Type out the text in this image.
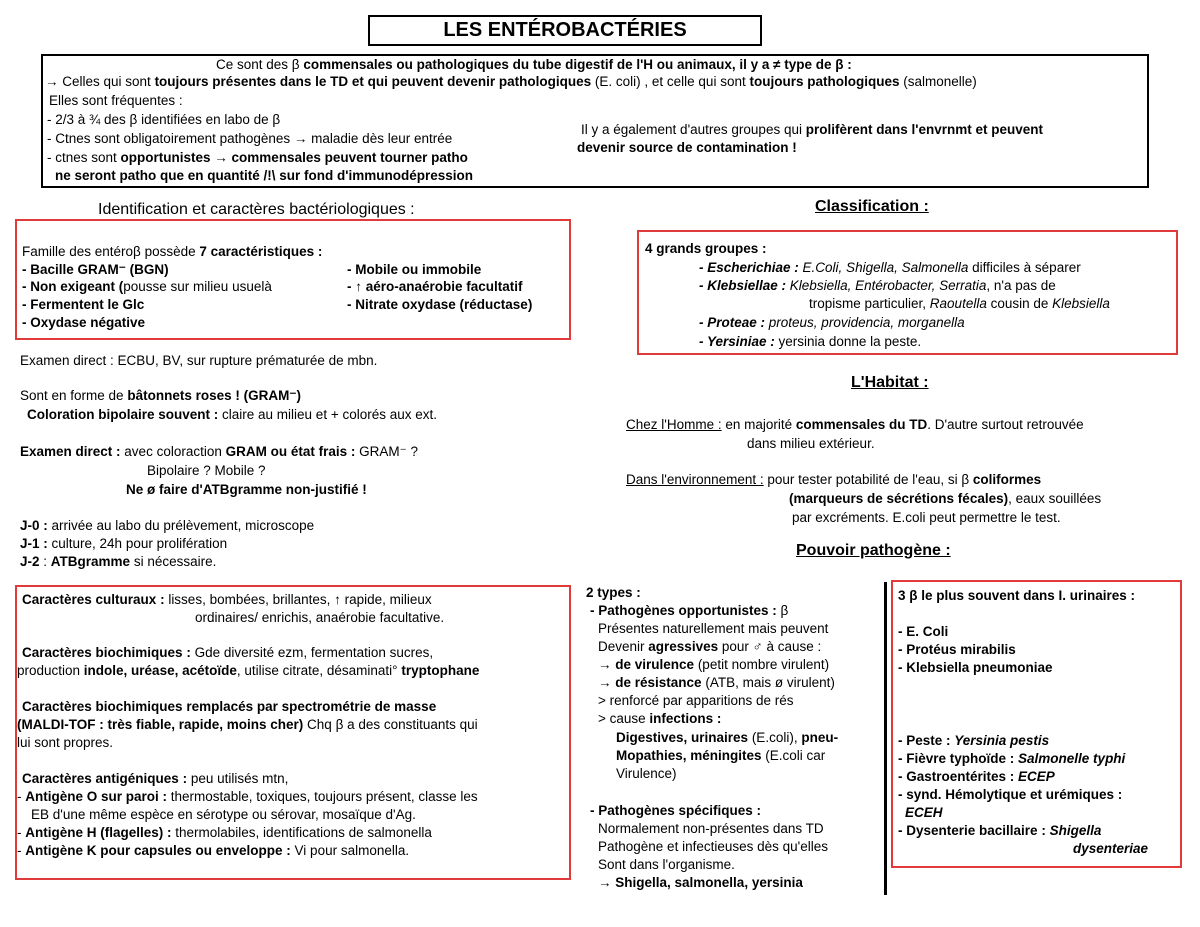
LES ENTÉROBACTÉRIES
Ce sont des β commensales ou pathologiques du tube digestif de l'H ou animaux, il y a ≠ type de β :
→ Celles qui sont toujours présentes dans le TD et qui peuvent devenir pathologiques (E. coli) , et celle qui sont toujours pathologiques (salmonelle)
Elles sont fréquentes :
- 2/3 à ¾ des β identifiées en labo de β
- Ctnes sont obligatoirement pathogènes → maladie dès leur entrée
- ctnes sont opportunistes → commensales peuvent tourner patho
ne seront patho que en quantité /!\ sur fond d'immunodépression
Il y a également d'autres groupes qui prolifèrent dans l'envrnmt et peuvent
devenir source de contamination !
Identification et caractères bactériologiques :
Famille des entéroβ possède 7 caractéristiques :
- Bacille GRAM⁻ (BGN)
- Non exigeant (pousse sur milieu usuelà
- Fermentent le Glc
- Oxydase négative
- Mobile ou immobile
- ↑ aéro-anaérobie facultatif
- Nitrate oxydase (réductase)
Examen direct : ECBU, BV, sur rupture prématurée de mbn.
Sont en forme de bâtonnets roses ! (GRAM⁻)
Coloration bipolaire souvent : claire au milieu et + colorés aux ext.
Examen direct : avec coloraction GRAM ou état frais : GRAM⁻ ?
Bipolaire ? Mobile ?
Ne ø faire d'ATBgramme non-justifié !
J-0 : arrivée au labo du prélèvement, microscope
J-1 : culture, 24h pour prolifération
J-2 : ATBgramme si nécessaire.
Caractères culturaux : lisses, bombées, brillantes, ↑ rapide, milieux
ordinaires/ enrichis, anaérobie facultative.
Caractères biochimiques : Gde diversité ezm, fermentation sucres,
production indole, uréase, acétoïde, utilise citrate, désaminati° tryptophane
Caractères biochimiques remplacés par spectrométrie de masse
(MALDI-TOF : très fiable, rapide, moins cher) Chq β a des constituants qui
lui sont propres.
Caractères antigéniques : peu utilisés mtn,
- Antigène O sur paroi : thermostable, toxiques, toujours présent, classe les
EB d'une même espèce en sérotype ou sérovar, mosaïque d'Ag.
- Antigène H (flagelles) : thermolabiles, identifications de salmonella
- Antigène K pour capsules ou enveloppe : Vi pour salmonella.
Classification :
4 grands groupes :
- Escherichiae : E.Coli, Shigella, Salmonella difficiles à séparer
- Klebsiellae : Klebsiella, Entérobacter, Serratia, n'a pas de
tropisme particulier, Raoutella cousin de Klebsiella
- Proteae : proteus, providencia, morganella
- Yersiniae : yersinia donne la peste.
L'Habitat :
Chez l'Homme : en majorité commensales du TD. D'autre surtout retrouvée
dans milieu extérieur.
Dans l'environnement : pour tester potabilité de l'eau, si β coliformes
(marqueurs de sécrétions fécales), eaux souillées
par excréments. E.coli peut permettre le test.
Pouvoir pathogène :
2 types :
- Pathogènes opportunistes : β
Présentes naturellement mais peuvent
Devenir agressives pour ♂ à cause :
→ de virulence (petit nombre virulent)
→ de résistance (ATB, mais ø virulent)
> renforcé par apparitions de rés
> cause infections :
Digestives, urinaires (E.coli), pneu-
Mopathies, méningites (E.coli car
Virulence)
- Pathogènes spécifiques :
Normalement non-présentes dans TD
Pathogène et infectieuses dès qu'elles
Sont dans l'organisme.
→ Shigella, salmonella, yersinia
3 β le plus souvent dans I. urinaires :
- E. Coli
- Protéus mirabilis
- Klebsiella pneumoniae
- Peste : Yersinia pestis
- Fièvre typhoïde : Salmonelle typhi
- Gastroentérites : ECEP
- synd. Hémolytique et urémiques :
ECEH
- Dysenterie bacillaire : Shigella
dysenteriae
